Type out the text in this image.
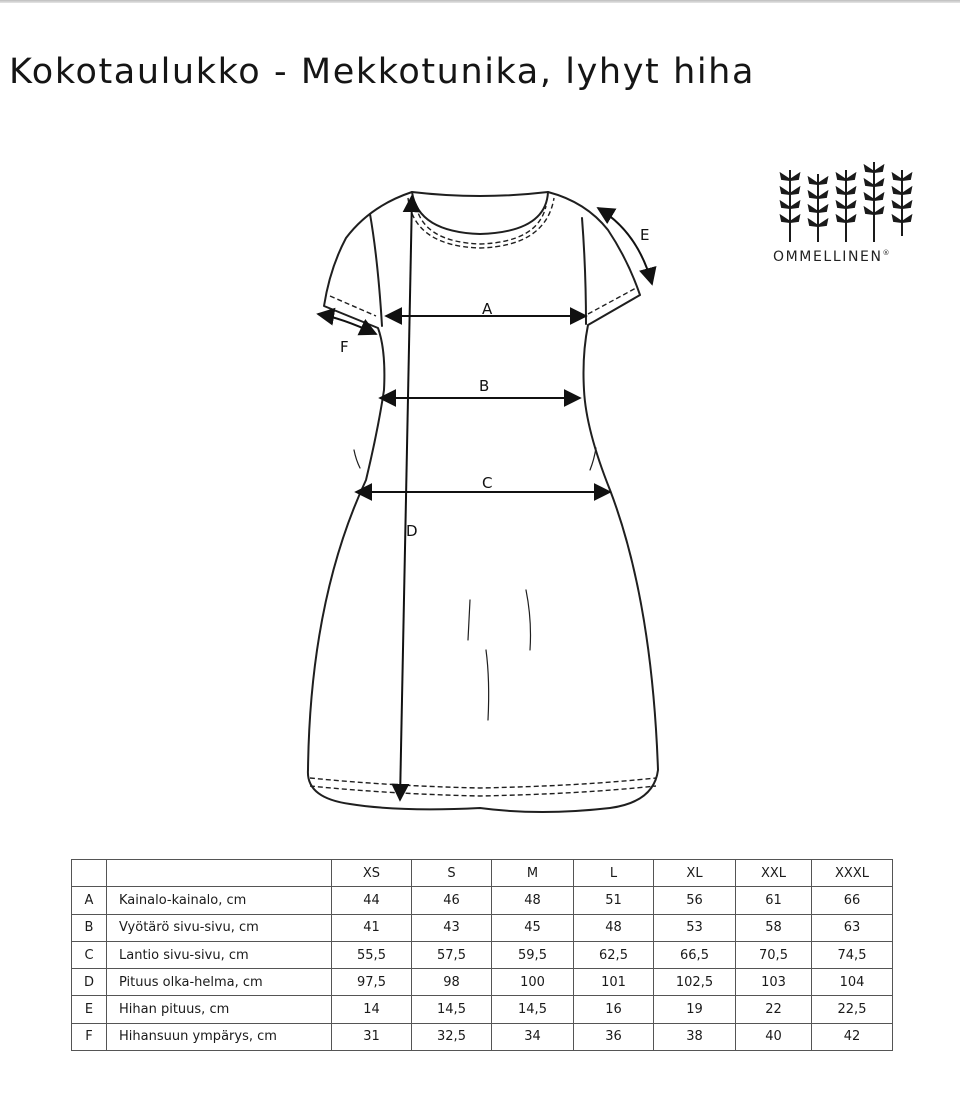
Kokotaulukko - Mekkotunika, lyhyt hiha
OMMELLINEN®
A
B
C
D
E
F
		XS	S	M	L	XL	XXL	XXXL
A	Kainalo-kainalo, cm	44	46	48	51	56	61	66
B	Vyötärö sivu-sivu, cm	41	43	45	48	53	58	63
C	Lantio sivu-sivu, cm	55,5	57,5	59,5	62,5	66,5	70,5	74,5
D	Pituus olka-helma, cm	97,5	98	100	101	102,5	103	104
E	Hihan pituus, cm	14	14,5	14,5	16	19	22	22,5
F	Hihansuun ympärys, cm	31	32,5	34	36	38	40	42
